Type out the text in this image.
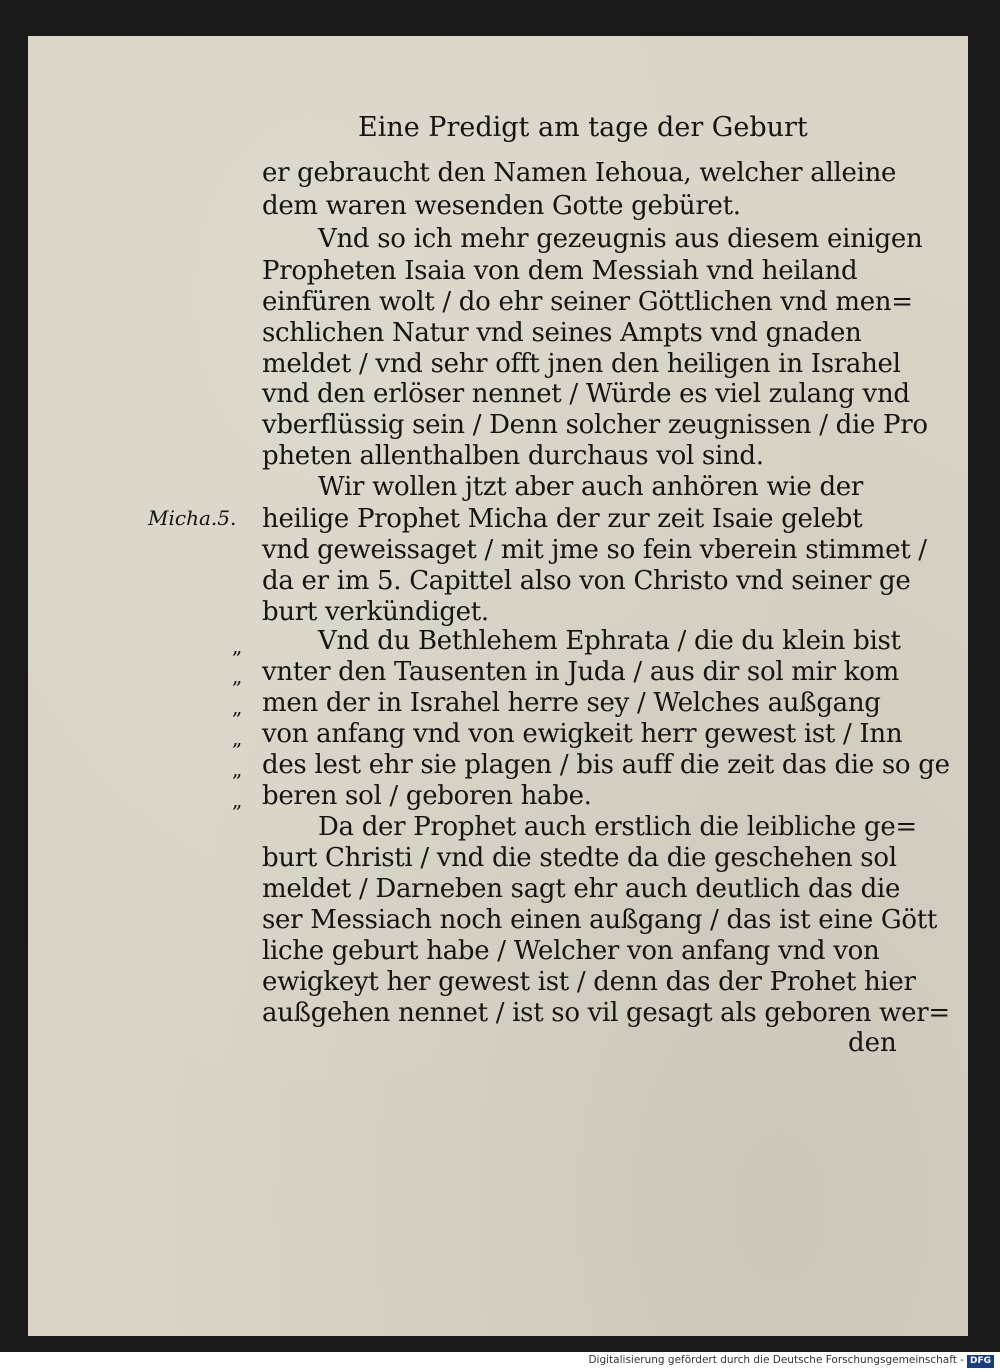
Eine Predigt am tage der Geburt
er gebraucht den Namen Iehoua, welcher alleine
dem waren wesenden Gotte gebüret.
Vnd so ich mehr gezeugnis aus diesem einigen
Propheten Isaia von dem Messiah vnd heiland
einfüren wolt / do ehr seiner Göttlichen vnd men=
schlichen Natur vnd seines Ampts vnd gnaden
meldet / vnd sehr offt jnen den heiligen in Israhel
vnd den erlöser nennet / Würde es viel zulang vnd
vberflüssig sein / Denn solcher zeugnissen / die Pro
pheten allenthalben durchaus vol sind.
Wir wollen jtzt aber auch anhören wie der
heilige Prophet Micha der zur zeit Isaie gelebt
vnd geweissaget / mit jme so fein vberein stimmet /
da er im 5. Capittel also von Christo vnd seiner ge
burt verkündiget.
Vnd du Bethlehem Ephrata / die du klein bist
vnter den Tausenten in Juda / aus dir sol mir kom
men der in Israhel herre sey / Welches außgang
von anfang vnd von ewigkeit herr gewest ist / Inn
des lest ehr sie plagen / bis auff die zeit das die so ge
beren sol / geboren habe.
Da der Prophet auch erstlich die leibliche ge=
burt Christi / vnd die stedte da die geschehen sol
meldet / Darneben sagt ehr auch deutlich das die
ser Messiach noch einen außgang / das ist eine Gött
liche geburt habe / Welcher von anfang vnd von
ewigkeyt her gewest ist / denn das der Prohet hier
außgehen nennet / ist so vil gesagt als geboren wer=
Micha.5.
„
„
„
„
„
„
den
Digitalisierung gefördert durch die Deutsche Forschungsgemeinschaft - DFG
